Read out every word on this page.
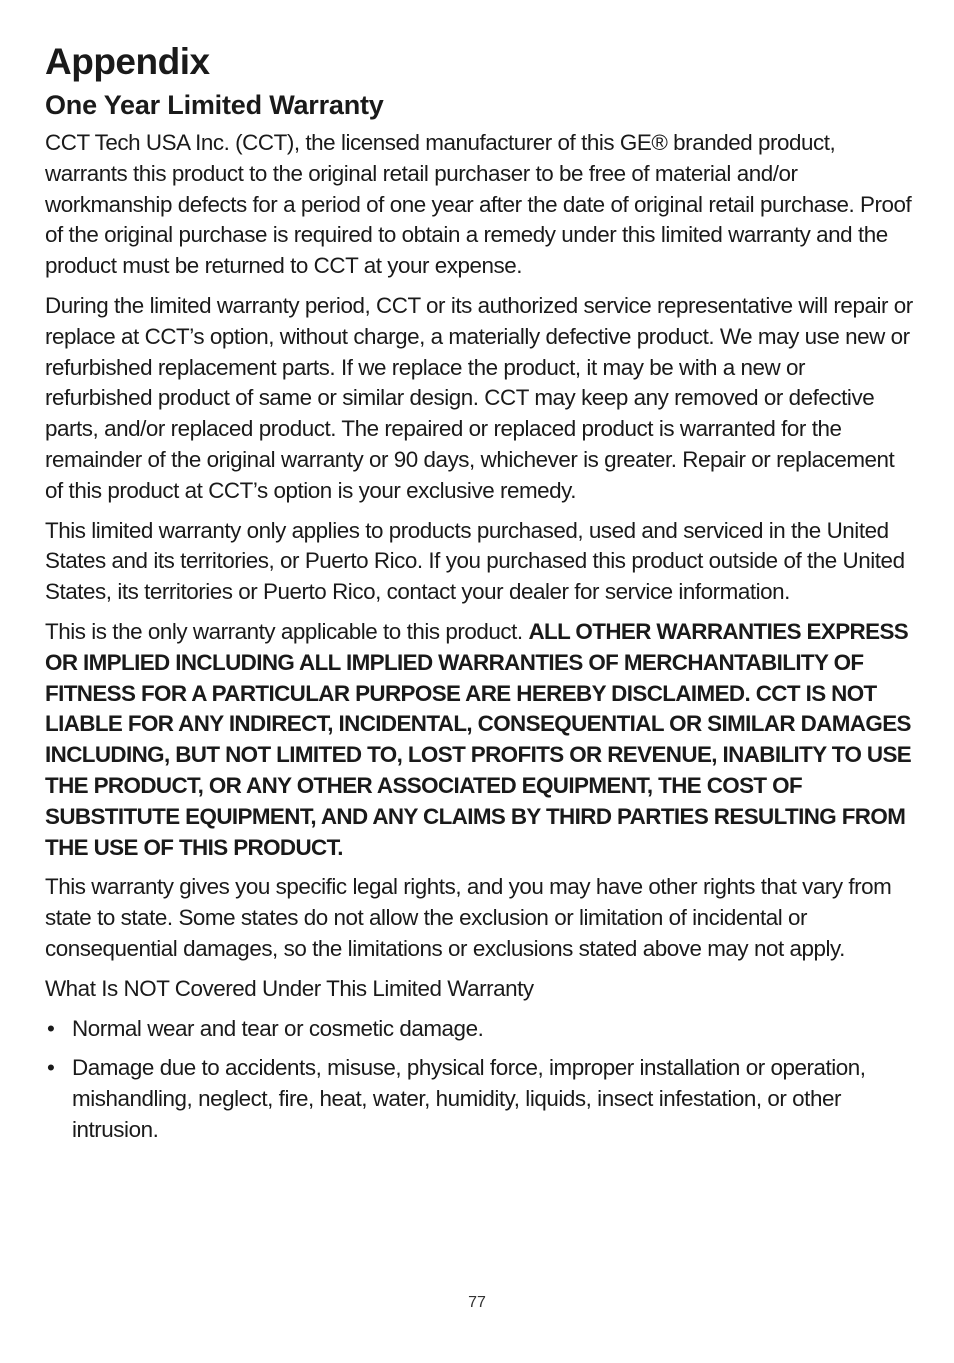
Appendix
One Year Limited Warranty

CCT Tech USA Inc. (CCT), the licensed manufacturer of this GE® branded product, warrants this product to the original retail purchaser to be free of material and/or workmanship defects for a period of one year after the date of original retail purchase. Proof of the original purchase is required to obtain a remedy under this limited warranty and the product must be returned to CCT at your expense.

During the limited warranty period, CCT or its authorized service representative will repair or replace at CCT’s option, without charge, a materially defective product. We may use new or refurbished replacement parts. If we replace the product, it may be with a new or refurbished product of same or similar design. CCT may keep any removed or defective parts, and/or replaced product. The repaired or replaced product is warranted for the remainder of the original warranty or 90 days, whichever is greater. Repair or replacement of this product at CCT’s option is your exclusive remedy.

This limited warranty only applies to products purchased, used and serviced in the United States and its territories, or Puerto Rico. If you purchased this product outside of the United States, its territories or Puerto Rico, contact your dealer for service information.

This is the only warranty applicable to this product. ALL OTHER WARRANTIES EXPRESS OR IMPLIED INCLUDING ALL IMPLIED WARRANTIES OF MERCHANTABILITY OF FITNESS FOR A PARTICULAR PURPOSE ARE HEREBY DISCLAIMED. CCT IS NOT LIABLE FOR ANY INDIRECT, INCIDENTAL, CONSEQUENTIAL OR SIMILAR DAMAGES INCLUDING, BUT NOT LIMITED TO, LOST PROFITS OR REVENUE, INABILITY TO USE THE PRODUCT, OR ANY OTHER ASSOCIATED EQUIPMENT, THE COST OF SUBSTITUTE EQUIPMENT, AND ANY CLAIMS BY THIRD PARTIES RESULTING FROM THE USE OF THIS PRODUCT.

This warranty gives you specific legal rights, and you may have other rights that vary from state to state. Some states do not allow the exclusion or limitation of incidental or consequential damages, so the limitations or exclusions stated above may not apply.

What Is NOT Covered Under This Limited Warranty

• Normal wear and tear or cosmetic damage.
• Damage due to accidents, misuse, physical force, improper installation or operation, mishandling, neglect, fire, heat, water, humidity, liquids, insect infestation, or other intrusion.
77
